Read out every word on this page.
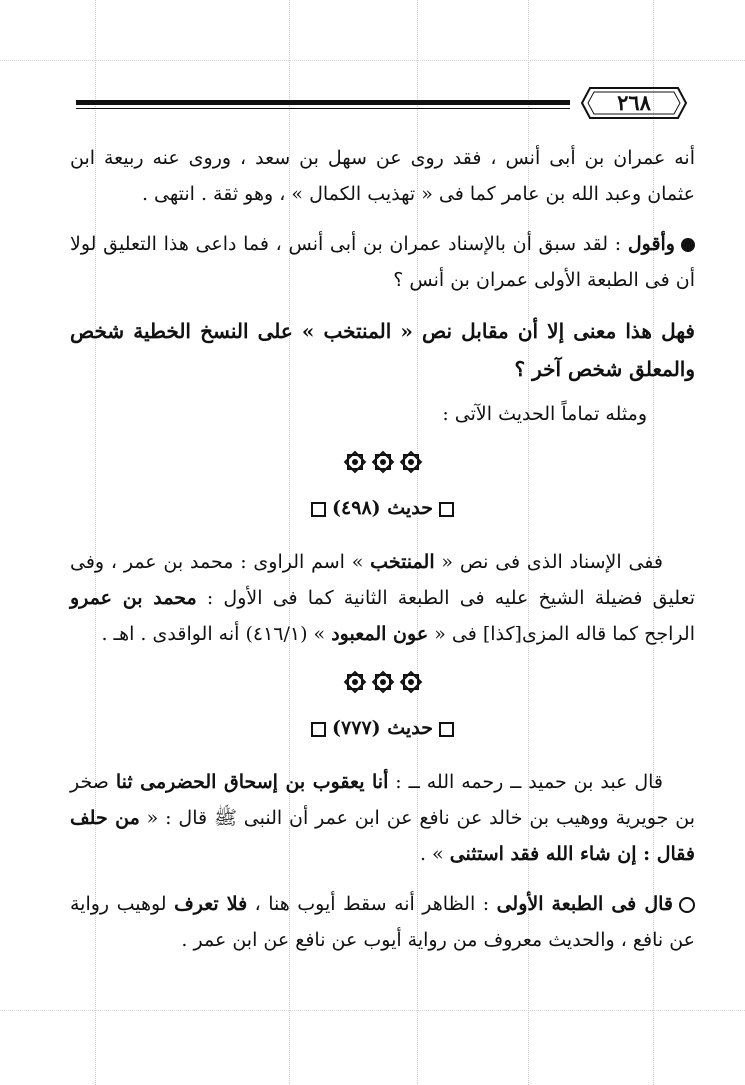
٢٦٨

أنه عمران بن أبى أنس ، فقد روى عن سهل بن سعد ، وروى عنه ربيعة ابن عثمان وعبد الله بن عامر كما فى « تهذيب الكمال » ، وهو ثقة . انتهى .

وأقول : لقد سبق أن بالإسناد عمران بن أبى أنس ، فما داعى هذا التعليق لولا أن فى الطبعة الأولى عمران بن أنس ؟

فهل هذا معنى إلا أن مقابل نص « المنتخب » على النسخ الخطية شخص والمعلق شخص آخر ؟

ومثله تماماً الحديث الآتى :

حديث (٤٩٨)

ففى الإسناد الذى فى نص « المنتخب » اسم الراوى : محمد بن عمر ، وفى تعليق فضيلة الشيخ عليه فى الطبعة الثانية كما فى الأول : محمد بن عمرو الراجح كما قاله المزى[كذا] فى « عون المعبود » (٤١٦/١) أنه الواقدى . اهـ .

حديث (٧٧٧)

قال عبد بن حميد ــ رحمه الله ــ : أنا يعقوب بن إسحاق الحضرمى ثنا صخر بن جويرية ووهيب بن خالد عن نافع عن ابن عمر أن النبى ﷺ قال : « من حلف فقال : إن شاء الله فقد استثنى » .

قال فى الطبعة الأولى : الظاهر أنه سقط أيوب هنا ، فلا تعرف لوهيب رواية عن نافع ، والحديث معروف من رواية أيوب عن نافع عن ابن عمر .
